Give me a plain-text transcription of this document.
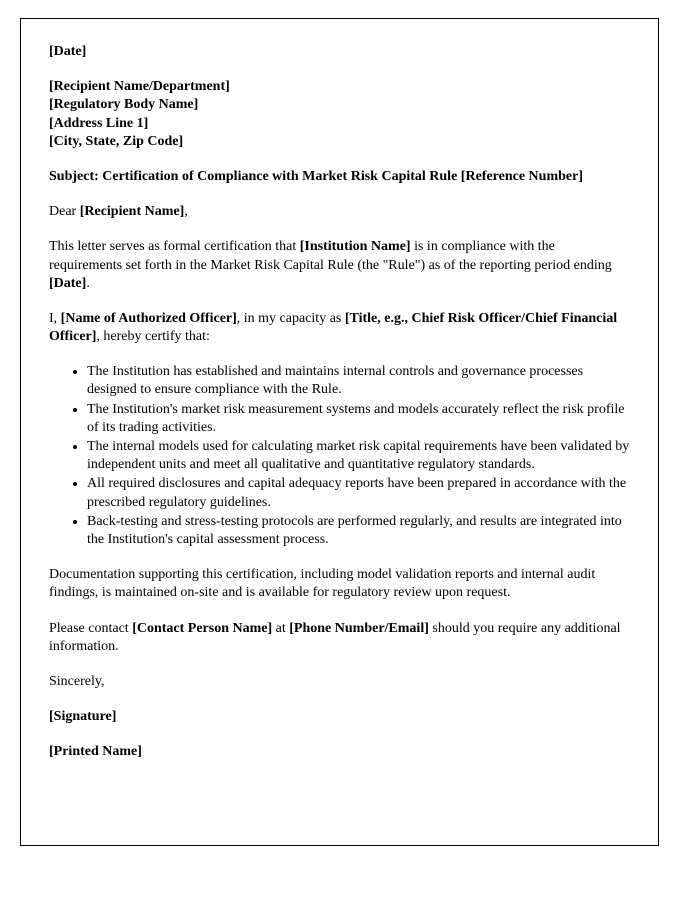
[Date]

[Recipient Name/Department]
[Regulatory Body Name]
[Address Line 1]
[City, State, Zip Code]

Subject: Certification of Compliance with Market Risk Capital Rule [Reference Number]

Dear [Recipient Name],

This letter serves as formal certification that [Institution Name] is in compliance with the requirements set forth in the Market Risk Capital Rule (the "Rule") as of the reporting period ending [Date].

I, [Name of Authorized Officer], in my capacity as [Title, e.g., Chief Risk Officer/Chief Financial Officer], hereby certify that:

• The Institution has established and maintains internal controls and governance processes designed to ensure compliance with the Rule.
• The Institution's market risk measurement systems and models accurately reflect the risk profile of its trading activities.
• The internal models used for calculating market risk capital requirements have been validated by independent units and meet all qualitative and quantitative regulatory standards.
• All required disclosures and capital adequacy reports have been prepared in accordance with the prescribed regulatory guidelines.
• Back-testing and stress-testing protocols are performed regularly, and results are integrated into the Institution's capital assessment process.

Documentation supporting this certification, including model validation reports and internal audit findings, is maintained on-site and is available for regulatory review upon request.

Please contact [Contact Person Name] at [Phone Number/Email] should you require any additional information.

Sincerely,

[Signature]

[Printed Name]
